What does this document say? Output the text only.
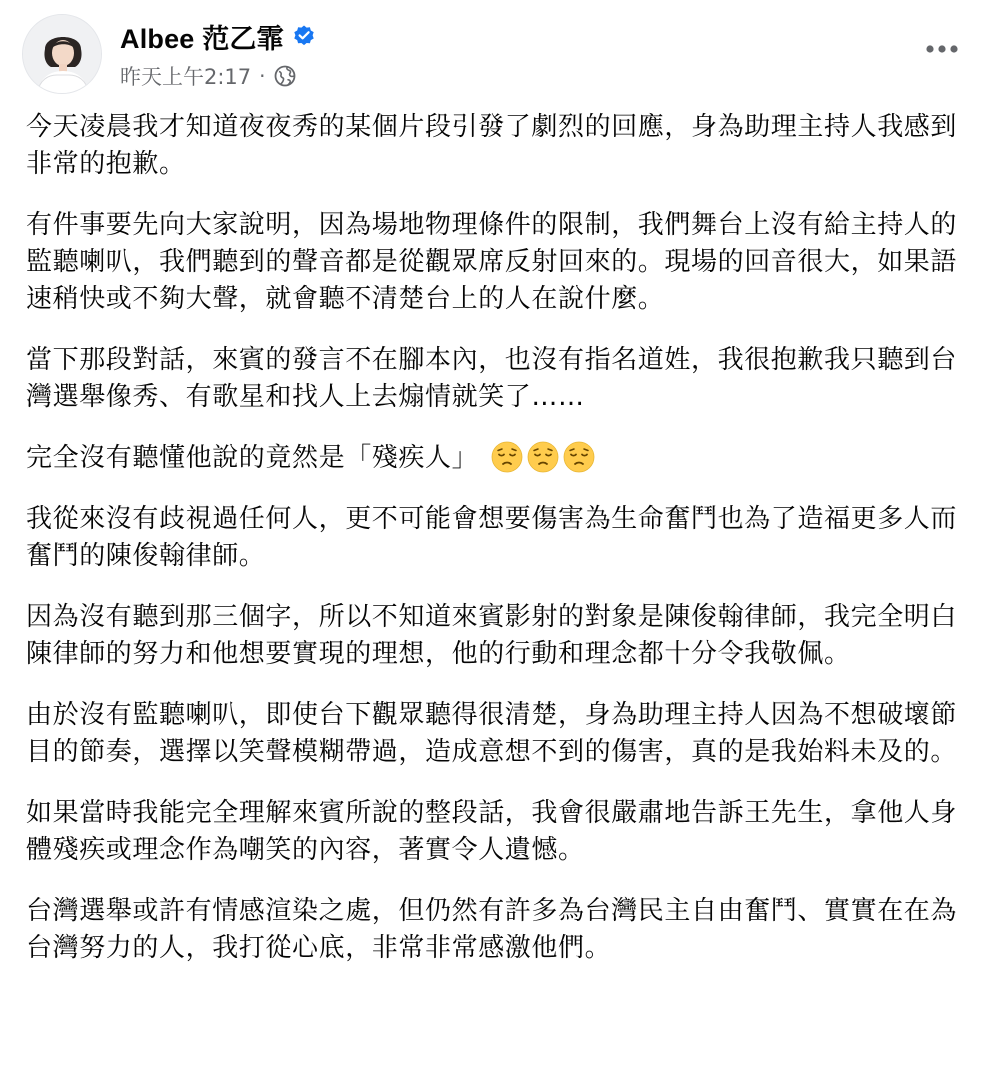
Albee 范乙霏
昨天上午2:17 ·

今天凌晨我才知道夜夜秀的某個片段引發了劇烈的回應，身為助理主持人我感到非常的抱歉。

有件事要先向大家說明，因為場地物理條件的限制，我們舞台上沒有給主持人的監聽喇叭，我們聽到的聲音都是從觀眾席反射回來的。現場的回音很大，如果語速稍快或不夠大聲，就會聽不清楚台上的人在說什麼。

當下那段對話，來賓的發言不在腳本內，也沒有指名道姓，我很抱歉我只聽到台灣選舉像秀、有歌星和找人上去煽情就笑了……

完全沒有聽懂他說的竟然是「殘疾人」

我從來沒有歧視過任何人，更不可能會想要傷害為生命奮鬥也為了造福更多人而奮鬥的陳俊翰律師。

因為沒有聽到那三個字，所以不知道來賓影射的對象是陳俊翰律師，我完全明白陳律師的努力和他想要實現的理想，他的行動和理念都十分令我敬佩。

由於沒有監聽喇叭，即使台下觀眾聽得很清楚，身為助理主持人因為不想破壞節目的節奏，選擇以笑聲模糊帶過，造成意想不到的傷害，真的是我始料未及的。

如果當時我能完全理解來賓所說的整段話，我會很嚴肅地告訴王先生，拿他人身體殘疾或理念作為嘲笑的內容，著實令人遺憾。

台灣選舉或許有情感渲染之處，但仍然有許多為台灣民主自由奮鬥、實實在在為台灣努力的人，我打從心底，非常非常感激他們。
